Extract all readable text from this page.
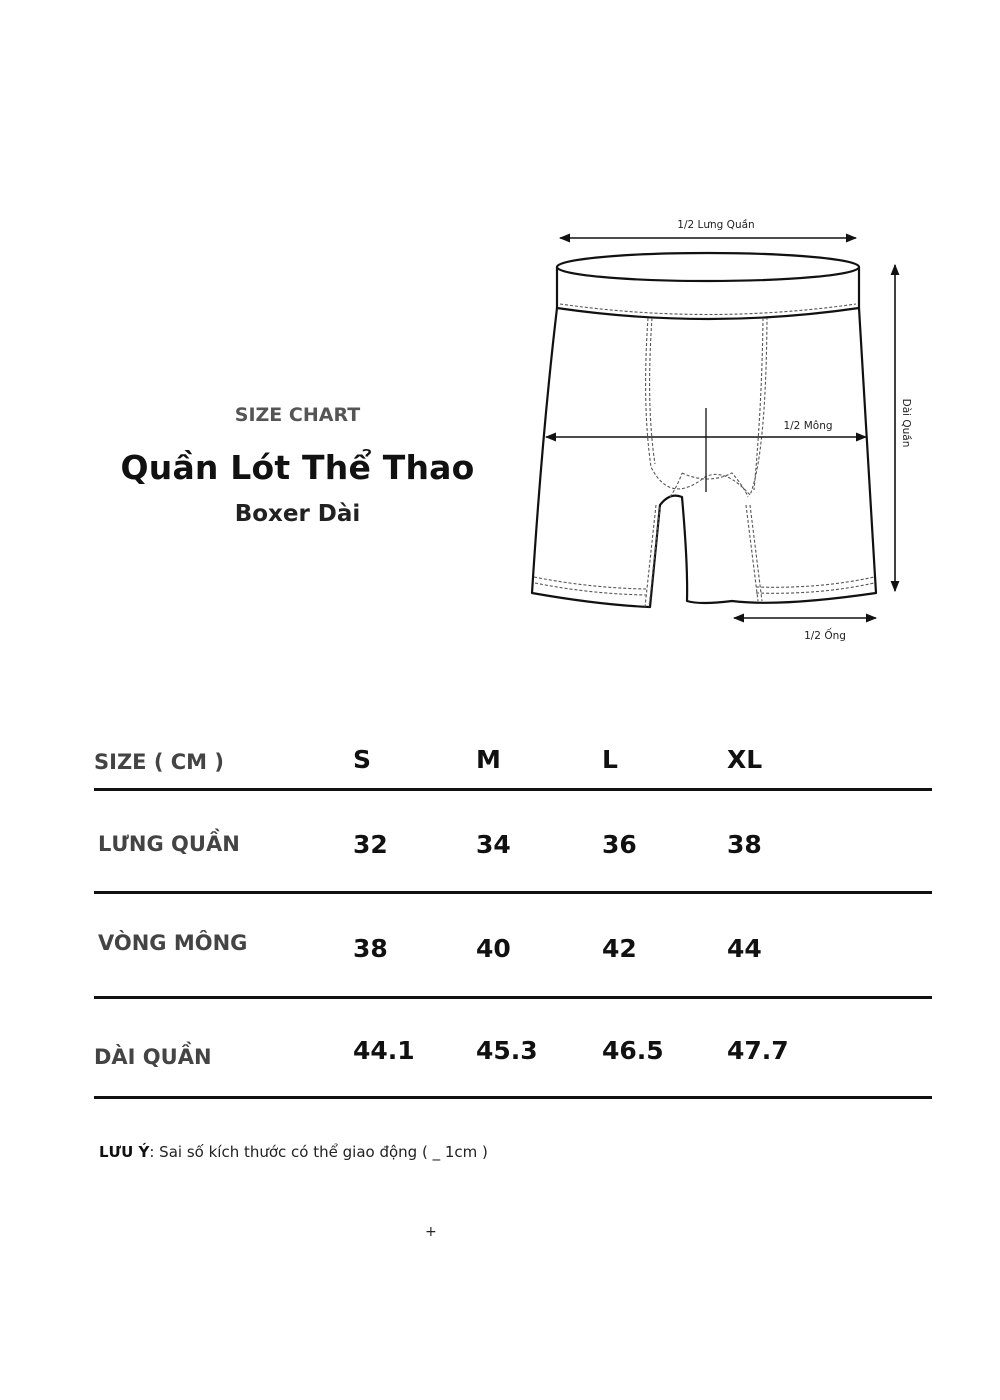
SIZE CHART
Quần Lót Thể Thao
Boxer Dài
1/2 Lưng Quần
1/2 Mông	Dài Quần
1/2 Ống
SIZE ( CM )	S	M	L	XL
LƯNG QUẦN	32	34	36	38
VÒNG MÔNG	38	40	42	44
DÀI QUẦN	44.1 45.3	46.5	47.7
LƯU Ý: Sai số kích thước có thể giao động ( _ 1cm )
+
